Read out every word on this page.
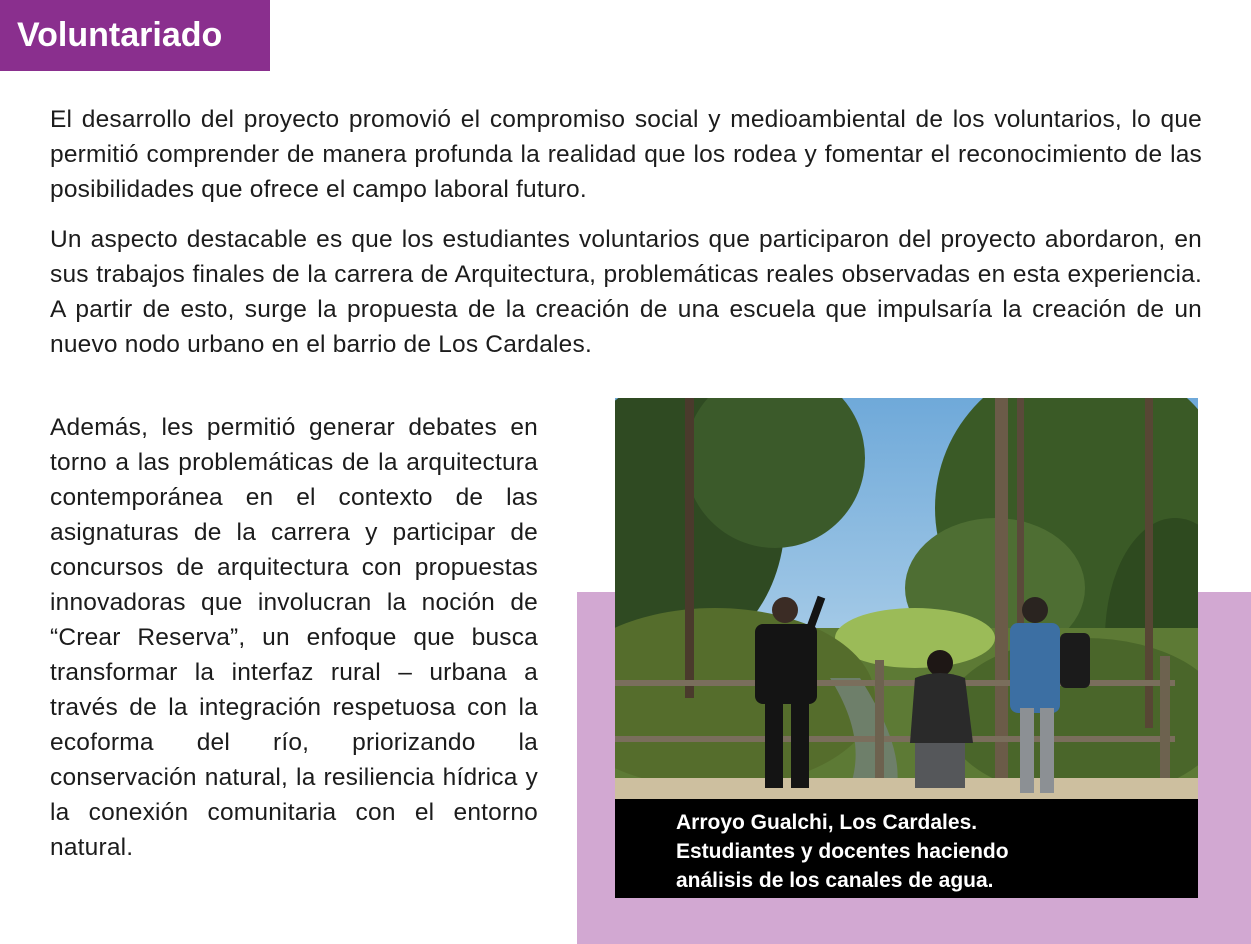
Voluntariado

El desarrollo del proyecto promovió el compromiso social y medioambiental de los voluntarios, lo que permitió comprender de manera profunda la realidad que los rodea y fomentar el reconocimiento de las posibilidades que ofrece el campo laboral futuro.

Un aspecto destacable es que los estudiantes voluntarios que participaron del proyecto abordaron, en sus trabajos finales de la carrera de Arquitectura, problemáticas reales observadas en esta experiencia. A partir de esto, surge la propuesta de la creación de una escuela que impulsaría la creación de un nuevo nodo urbano en el barrio de Los Cardales.

Además, les permitió generar debates en torno a las problemáticas de la arquitectura contemporánea en el contexto de las asignaturas de la carrera y participar de concursos de arquitectura con propuestas innovadoras que involucran la noción de “Crear Reserva”, un enfoque que busca transformar la interfaz rural – urbana a través de la integración respetuosa con la ecoforma del río, priorizando la conservación natural, la resiliencia hídrica y la conexión comunitaria con el entorno natural.

Arroyo Gualchi, Los Cardales.
Estudiantes y docentes haciendo
análisis de los canales de agua.
